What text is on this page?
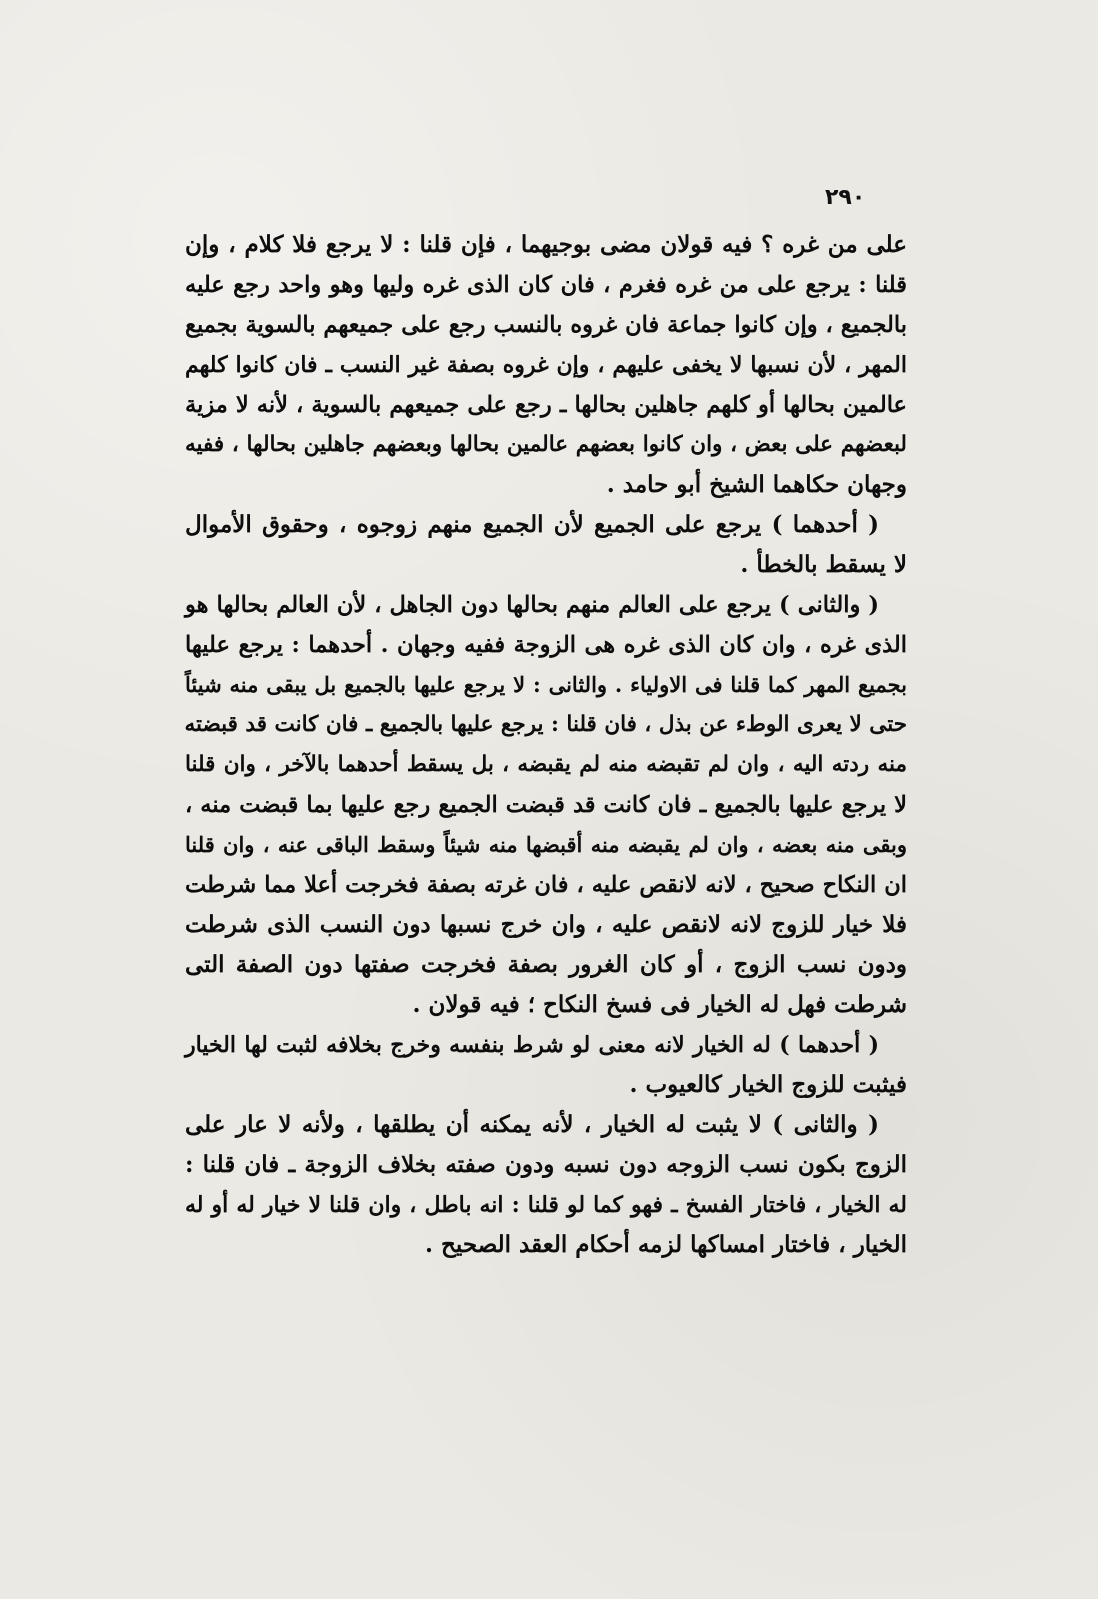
٢٩٠
على من غره ؟ فيه قولان مضى بوجيهما ، فإن قلنا : لا يرجع فلا كلام ، وإن
قلنا : يرجع على من غره فغرم ، فان كان الذى غره وليها وهو واحد رجع عليه
بالجميع ، وإن كانوا جماعة فان غروه بالنسب رجع على جميعهم بالسوية بجميع
المهر ، لأن نسبها لا يخفى عليهم ، وإن غروه بصفة غير النسب ـ فان كانوا كلهم
عالمين بحالها أو كلهم جاهلين بحالها ـ رجع على جميعهم بالسوية ، لأنه لا مزية
لبعضهم على بعض ، وان كانوا بعضهم عالمين بحالها وبعضهم جاهلين بحالها ، ففيه
وجهان حكاهما الشيخ أبو حامد .
( أحدهما ) يرجع على الجميع لأن الجميع منهم زوجوه ، وحقوق الأموال
لا يسقط بالخطأ .
( والثانى ) يرجع على العالم منهم بحالها دون الجاهل ، لأن العالم بحالها هو
الذى غره ، وان كان الذى غره هى الزوجة ففيه وجهان . أحدهما : يرجع عليها
بجميع المهر كما قلنا فى الاولياء . والثانى : لا يرجع عليها بالجميع بل يبقى منه شيئاً
حتى لا يعرى الوطء عن بذل ، فان قلنا : يرجع عليها بالجميع ـ فان كانت قد قبضته
منه ردته اليه ، وان لم تقبضه منه لم يقبضه ، بل يسقط أحدهما بالآخر ، وان قلنا
لا يرجع عليها بالجميع ـ فان كانت قد قبضت الجميع رجع عليها بما قبضت منه ،
وبقى منه بعضه ، وان لم يقبضه منه أقبضها منه شيئاً وسقط الباقى عنه ، وان قلنا
ان النكاح صحيح ، لانه لانقص عليه ، فان غرته بصفة فخرجت أعلا مما شرطت
فلا خيار للزوج لانه لانقص عليه ، وان خرج نسبها دون النسب الذى شرطت
ودون نسب الزوج ، أو كان الغرور بصفة فخرجت صفتها دون الصفة التى
شرطت فهل له الخيار فى فسخ النكاح ؛ فيه قولان .
( أحدهما ) له الخيار لانه معنى لو شرط بنفسه وخرج بخلافه لثبت لها الخيار
فيثبت للزوج الخيار كالعيوب .
( والثانى ) لا يثبت له الخيار ، لأنه يمكنه أن يطلقها ، ولأنه لا عار على
الزوج بكون نسب الزوجه دون نسبه ودون صفته بخلاف الزوجة ـ فان قلنا :
له الخيار ، فاختار الفسخ ـ فهو كما لو قلنا : انه باطل ، وان قلنا لا خيار له أو له
الخيار ، فاختار امساكها لزمه أحكام العقد الصحيح .
